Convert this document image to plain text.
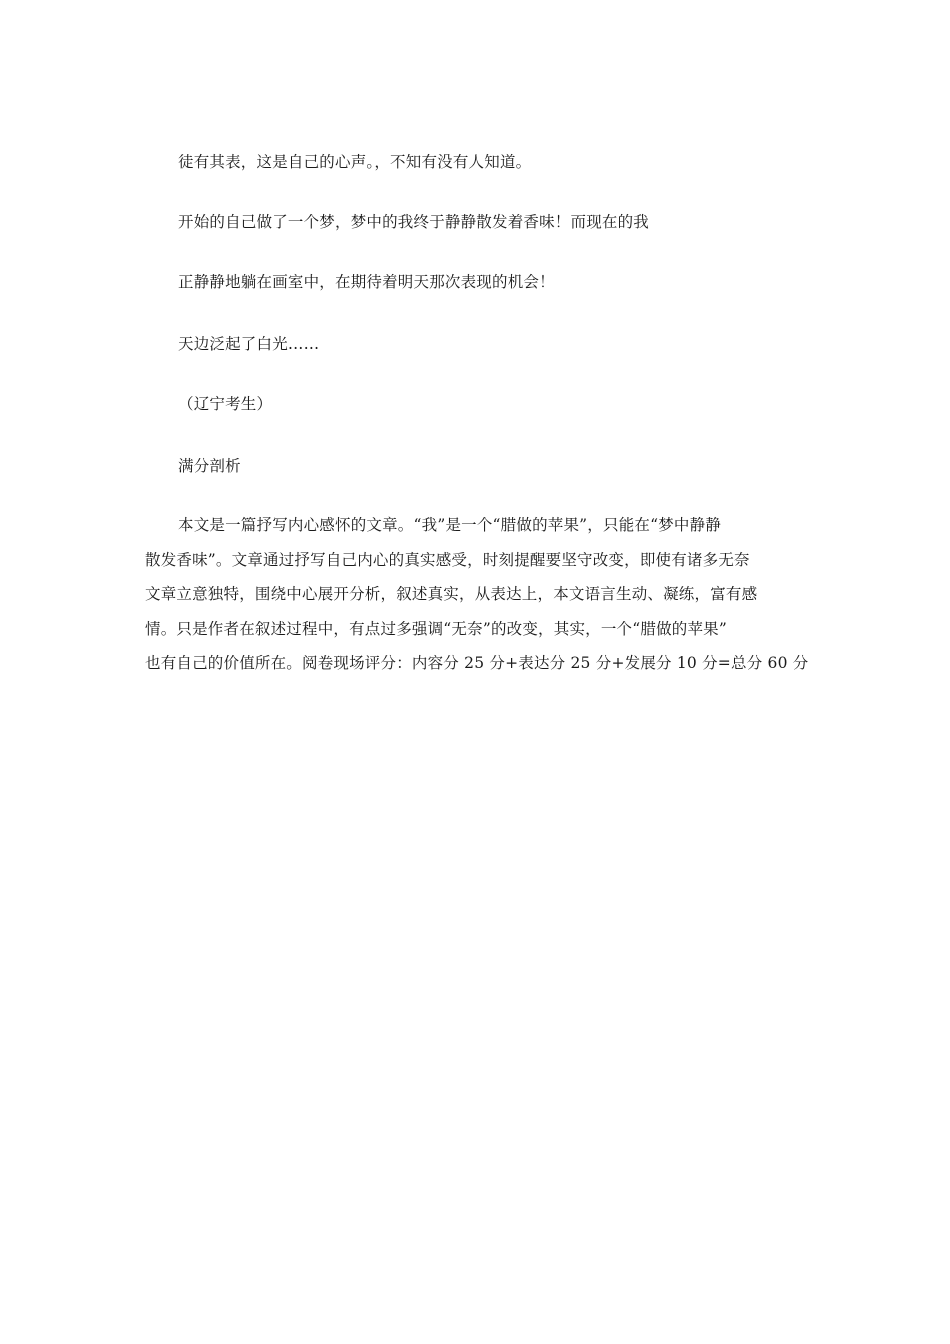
徒有其表，这是自己的心声。，不知有没有人知道。
开始的自己做了一个梦，梦中的我终于静静散发着香味！而现在的我
正静静地躺在画室中，在期待着明天那次表现的机会！
天边泛起了白光……
（辽宁考生）
满分剖析
本文是一篇抒写内心感怀的文章。“我”是一个“腊做的苹果”，只能在“梦中静静
散发香味”。文章通过抒写自己内心的真实感受，时刻提醒要坚守改变，即使有诸多无奈
文章立意独特，围绕中心展开分析，叙述真实，从表达上，本文语言生动、凝练，富有感
情。只是作者在叙述过程中，有点过多强调“无奈”的改变，其实，一个“腊做的苹果”
也有自己的价值所在。阅卷现场评分：内容分 25 分+表达分 25 分+发展分 10 分=总分 60 分
